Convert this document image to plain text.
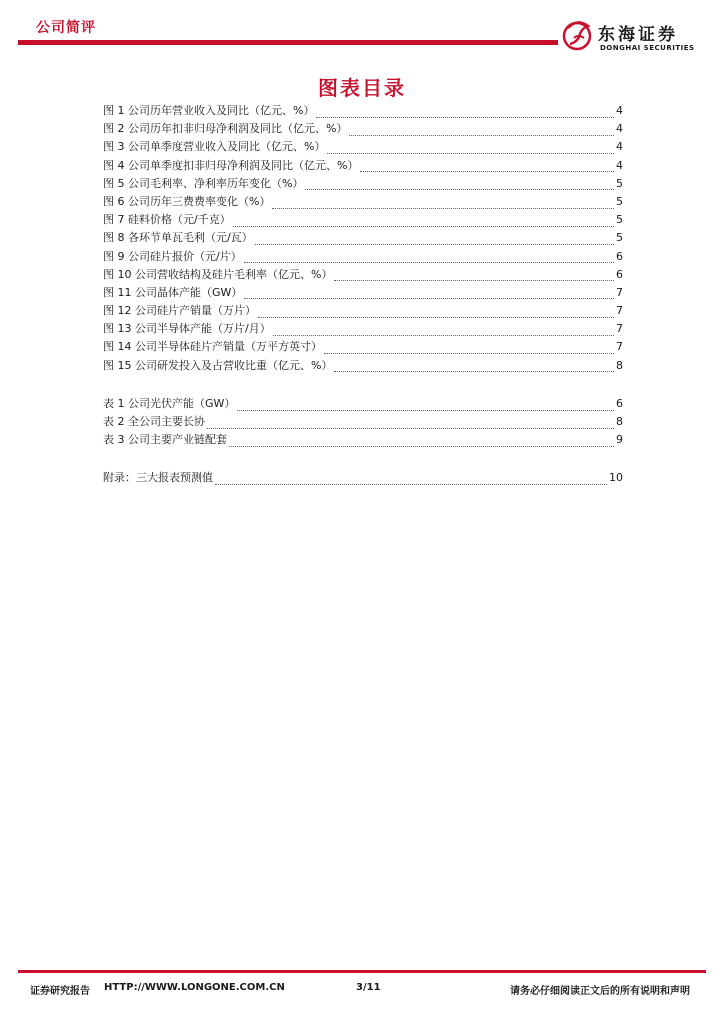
公司简评	东海证券
DONGHAI SECURITIES
图表目录
图 1 公司历年营业收入及同比（亿元、%）	4
图 2 公司历年扣非归母净利润及同比（亿元、%）	4
图 3 公司单季度营业收入及同比（亿元、%）	4
图 4 公司单季度扣非归母净利润及同比（亿元、%）	4
图 5 公司毛利率、净利率历年变化（%）	5
图 6 公司历年三费费率变化（%）	5
图 7 硅料价格（元/千克）	5
图 8 各环节单瓦毛利（元/瓦）	5
图 9 公司硅片报价（元/片）	6
图 10 公司营收结构及硅片毛利率（亿元、%）	6
图 11 公司晶体产能（GW）	7
图 12 公司硅片产销量（万片）	7
图 13 公司半导体产能（万片/月）	7
图 14 公司半导体硅片产销量（万平方英寸）	7
图 15 公司研发投入及占营收比重（亿元、%）	8
表 1 公司光伏产能（GW）	6
表 2 全公司主要长协	8
表 3 公司主要产业链配套	9
附录：三大报表预测值	10
证券研究报告 HTTP://WWW.LONGONE.COM.CN	3/11	请务必仔细阅读正文后的所有说明和声明
